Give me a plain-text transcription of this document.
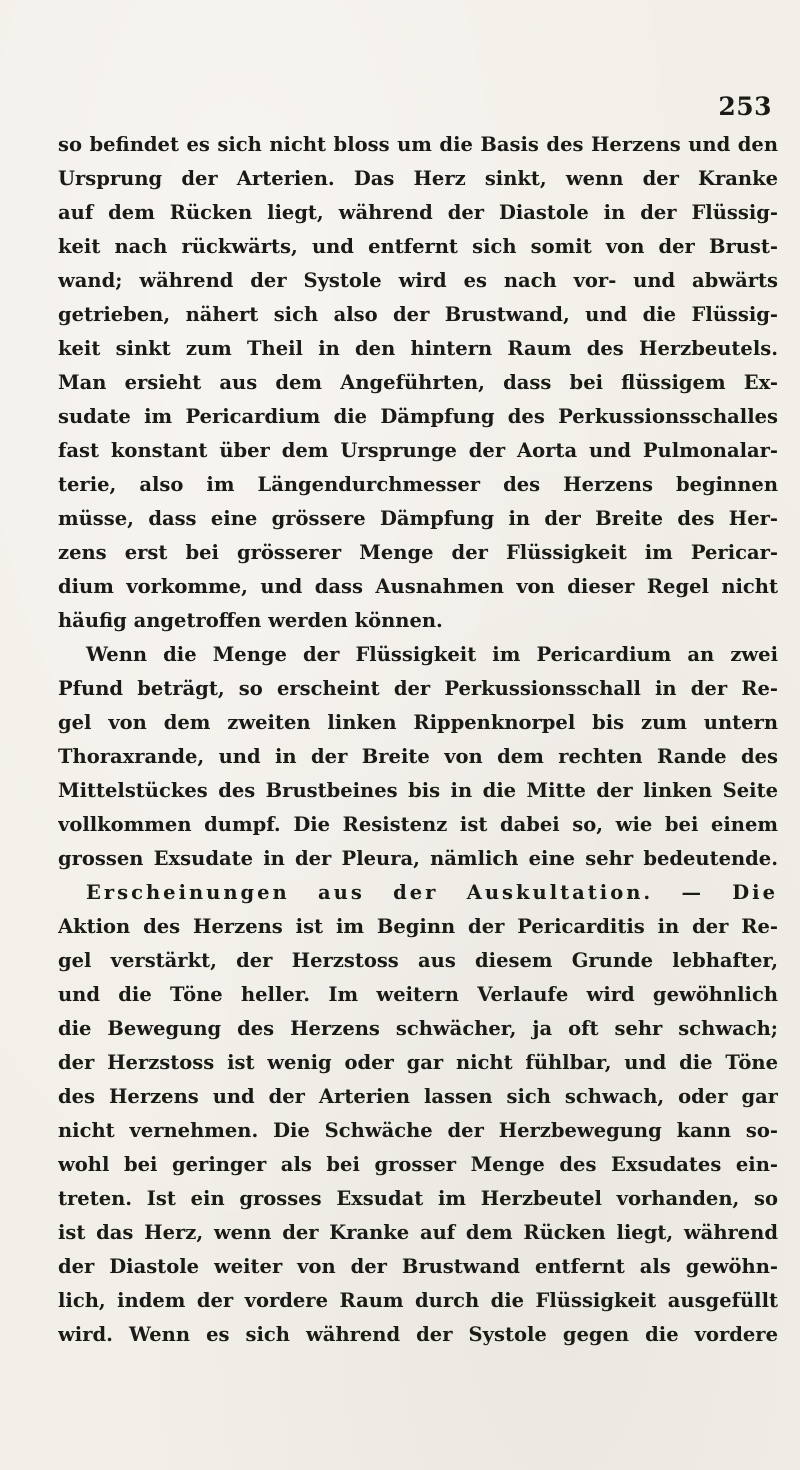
253
so befindet es sich nicht bloss um die Basis des Herzens und den
Ursprung der Arterien. Das Herz sinkt, wenn der Kranke
auf dem Rücken liegt, während der Diastole in der Flüssig-
keit nach rückwärts, und entfernt sich somit von der Brust-
wand; während der Systole wird es nach vor- und abwärts
getrieben, nähert sich also der Brustwand, und die Flüssig-
keit sinkt zum Theil in den hintern Raum des Herzbeutels.
Man ersieht aus dem Angeführten, dass bei flüssigem Ex-
sudate im Pericardium die Dämpfung des Perkussionsschalles
fast konstant über dem Ursprunge der Aorta und Pulmonalar-
terie, also im Längendurchmesser des Herzens beginnen
müsse, dass eine grössere Dämpfung in der Breite des Her-
zens erst bei grösserer Menge der Flüssigkeit im Pericar-
dium vorkomme, und dass Ausnahmen von dieser Regel nicht
häufig angetroffen werden können.
Wenn die Menge der Flüssigkeit im Pericardium an zwei
Pfund beträgt, so erscheint der Perkussionsschall in der Re-
gel von dem zweiten linken Rippenknorpel bis zum untern
Thoraxrande, und in der Breite von dem rechten Rande des
Mittelstückes des Brustbeines bis in die Mitte der linken Seite
vollkommen dumpf. Die Resistenz ist dabei so, wie bei einem
grossen Exsudate in der Pleura, nämlich eine sehr bedeutende.
Erscheinungen aus der Auskultation. — Die
Aktion des Herzens ist im Beginn der Pericarditis in der Re-
gel verstärkt, der Herzstoss aus diesem Grunde lebhafter,
und die Töne heller. Im weitern Verlaufe wird gewöhnlich
die Bewegung des Herzens schwächer, ja oft sehr schwach;
der Herzstoss ist wenig oder gar nicht fühlbar, und die Töne
des Herzens und der Arterien lassen sich schwach, oder gar
nicht vernehmen. Die Schwäche der Herzbewegung kann so-
wohl bei geringer als bei grosser Menge des Exsudates ein-
treten. Ist ein grosses Exsudat im Herzbeutel vorhanden, so
ist das Herz, wenn der Kranke auf dem Rücken liegt, während
der Diastole weiter von der Brustwand entfernt als gewöhn-
lich, indem der vordere Raum durch die Flüssigkeit ausgefüllt
wird. Wenn es sich während der Systole gegen die vordere
